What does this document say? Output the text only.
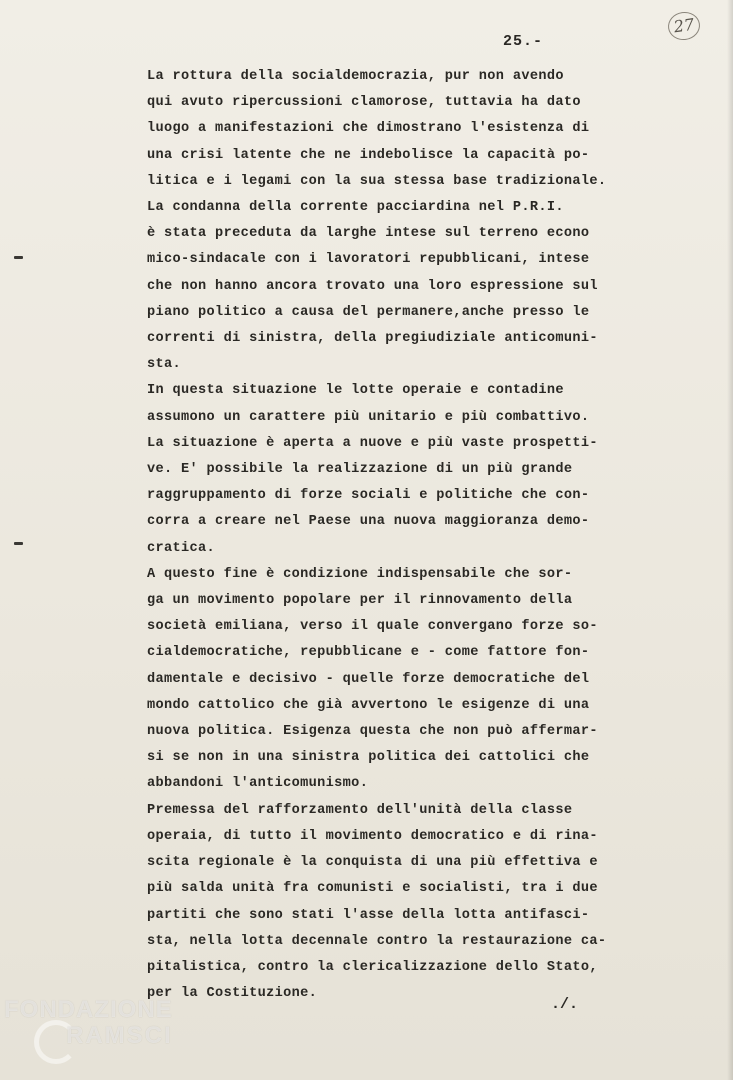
27
25.-

La rottura della socialdemocrazia, pur non avendo
qui avuto ripercussioni clamorose, tuttavia ha dato
luogo a manifestazioni che dimostrano l'esistenza di
una crisi latente che ne indebolisce la capacità po-
litica e i legami con la sua stessa base tradizionale.

La condanna della corrente pacciardina nel P.R.I.
è stata preceduta da larghe intese sul terreno econo
mico-sindacale con i lavoratori repubblicani, intese
che non hanno ancora trovato una loro espressione sul
piano politico a causa del permanere,anche presso le
correnti di sinistra, della pregiudiziale anticomuni-
sta.

In questa situazione le lotte operaie e contadine
assumono un carattere più unitario e più combattivo.
La situazione è aperta a nuove e più vaste prospetti-
ve. E' possibile la realizzazione di un più grande
raggruppamento di forze sociali e politiche che con-
corra a creare nel Paese una nuova maggioranza demo-
cratica.

A questo fine è condizione indispensabile che sor-
ga un movimento popolare per il rinnovamento della
società emiliana, verso il quale convergano forze so-
cialdemocratiche, repubblicane e - come fattore fon-
damentale e decisivo - quelle forze democratiche del
mondo cattolico che già avvertono le esigenze di una
nuova politica. Esigenza questa che non può affermar-
si se non in una sinistra politica dei cattolici che
abbandoni l'anticomunismo.

Premessa del rafforzamento dell'unità della classe
operaia, di tutto il movimento democratico e di rina-
scita regionale è la conquista di una più effettiva e
più salda unità fra comunisti e socialisti, tra i due
partiti che sono stati l'asse della lotta antifasci-
sta, nella lotta decennale contro la restaurazione ca-
pitalistica, contro la clericalizzazione dello Stato,
per la Costituzione.

./.
FONDAZIONE
RAMSCI
